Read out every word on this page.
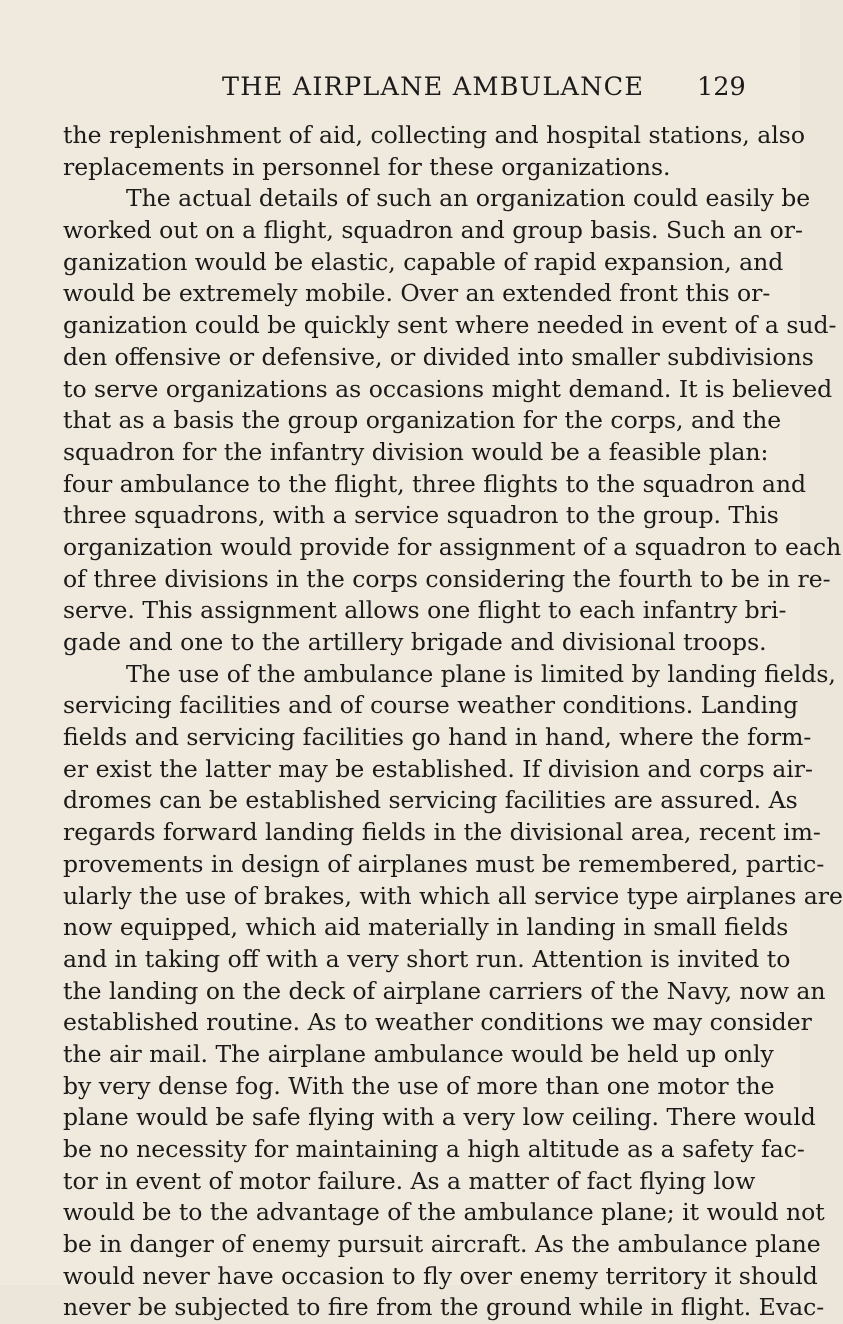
THE AIRPLANE AMBULANCE 129
the replenishment of aid, collecting and hospital stations, also
replacements in personnel for these organizations.
The actual details of such an organization could easily be
worked out on a flight, squadron and group basis. Such an or-
ganization would be elastic, capable of rapid expansion, and
would be extremely mobile. Over an extended front this or-
ganization could be quickly sent where needed in event of a sud-
den offensive or defensive, or divided into smaller subdivisions
to serve organizations as occasions might demand. It is believed
that as a basis the group organization for the corps, and the
squadron for the infantry division would be a feasible plan:
four ambulance to the flight, three flights to the squadron and
three squadrons, with a service squadron to the group. This
organization would provide for assignment of a squadron to each
of three divisions in the corps considering the fourth to be in re-
serve. This assignment allows one flight to each infantry bri-
gade and one to the artillery brigade and divisional troops.
The use of the ambulance plane is limited by landing fields,
servicing facilities and of course weather conditions. Landing
fields and servicing facilities go hand in hand, where the form-
er exist the latter may be established. If division and corps air-
dromes can be established servicing facilities are assured. As
regards forward landing fields in the divisional area, recent im-
provements in design of airplanes must be remembered, partic-
ularly the use of brakes, with which all service type airplanes are
now equipped, which aid materially in landing in small fields
and in taking off with a very short run. Attention is invited to
the landing on the deck of airplane carriers of the Navy, now an
established routine. As to weather conditions we may consider
the air mail. The airplane ambulance would be held up only
by very dense fog. With the use of more than one motor the
plane would be safe flying with a very low ceiling. There would
be no necessity for maintaining a high altitude as a safety fac-
tor in event of motor failure. As a matter of fact flying low
would be to the advantage of the ambulance plane; it would not
be in danger of enemy pursuit aircraft. As the ambulance plane
would never have occasion to fly over enemy territory it should
never be subjected to fire from the ground while in flight. Evac-
